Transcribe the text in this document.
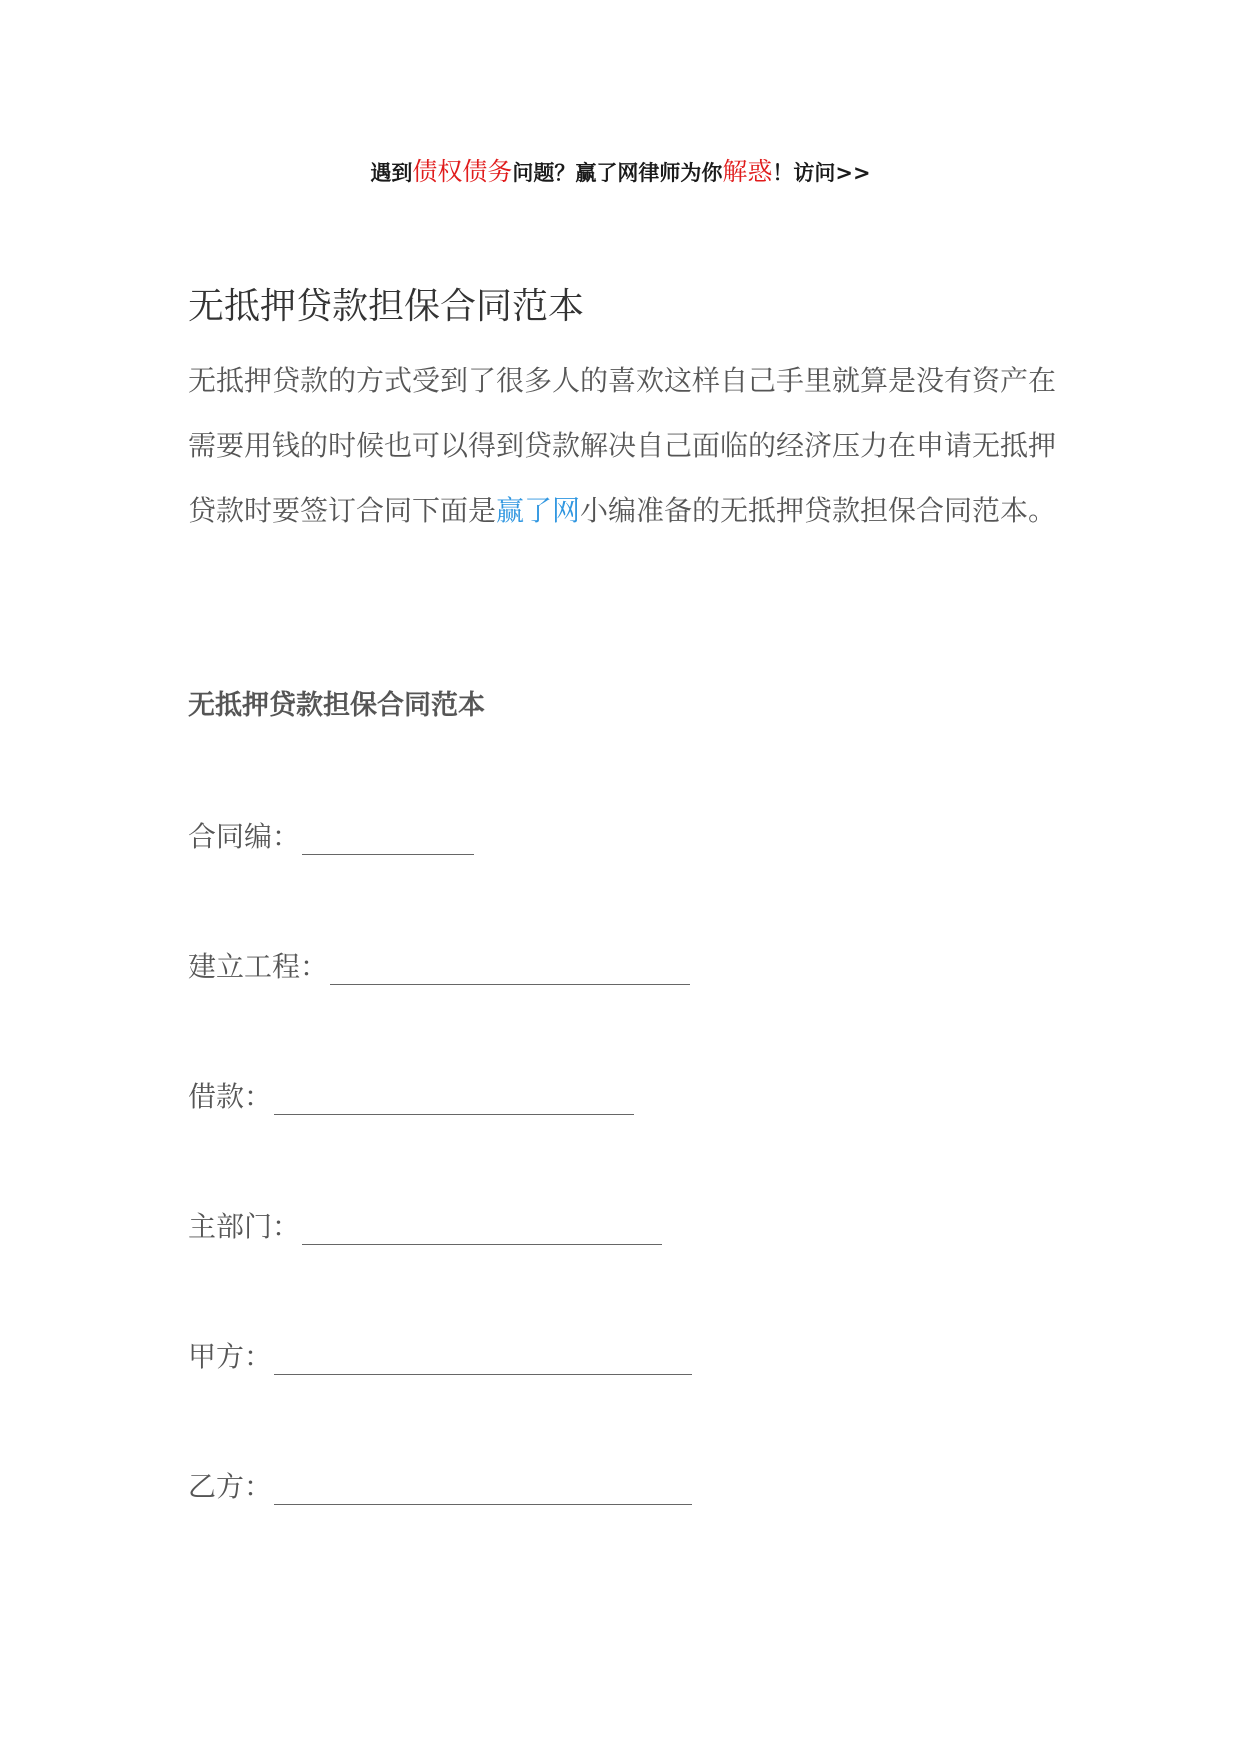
遇到债权债务问题？赢了网律师为你解惑！访问>>
无抵押贷款担保合同范本

无抵押贷款的方式受到了很多人的喜欢这样自己手里就算是没有资产在需要用钱的时候也可以得到贷款解决自己面临的经济压力在申请无抵押贷款时要签订合同下面是赢了网小编准备的无抵押贷款担保合同范本。

无抵押贷款担保合同范本
合同编：
建立工程：
借款：
主部门：
甲方：
乙方：
